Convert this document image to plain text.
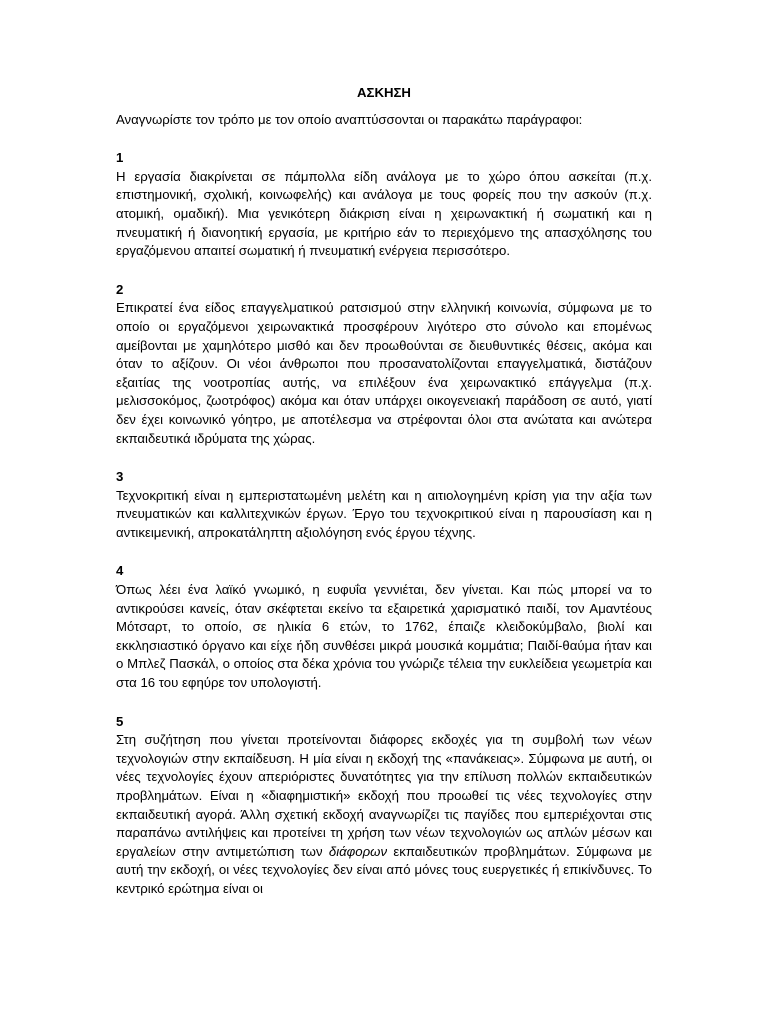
ΑΣΚΗΣΗ
Αναγνωρίστε τον τρόπο με τον οποίο αναπτύσσονται οι παρακάτω παράγραφοι:
1
Η εργασία διακρίνεται σε πάμπολλα είδη ανάλογα με το χώρο όπου ασκείται (π.χ. επιστημονική, σχολική, κοινωφελής) και ανάλογα με τους φορείς που την ασκούν (π.χ. ατομική, ομαδική). Μια γενικότερη διάκριση είναι η χειρωνακτική ή σωματική και η πνευματική ή διανοητική εργασία, με κριτήριο εάν το περιεχόμενο της απασχόλησης του εργαζόμενου απαιτεί σωματική ή πνευματική ενέργεια περισσότερο.
2
Επικρατεί ένα είδος επαγγελματικού ρατσισμού στην ελληνική κοινωνία, σύμφωνα με το οποίο οι εργαζόμενοι χειρωνακτικά προσφέρουν λιγότερο στο σύνολο και επομένως αμείβονται με χαμηλότερο μισθό και δεν προωθούνται σε διευθυντικές θέσεις, ακόμα και όταν το αξίζουν. Οι νέοι άνθρωποι που προσανατολίζονται επαγγελματικά, διστάζουν εξαιτίας της νοοτροπίας αυτής, να επιλέξουν ένα χειρωνακτικό επάγγελμα (π.χ. μελισσοκόμος, ζωοτρόφος) ακόμα και όταν υπάρχει οικογενειακή παράδοση σε αυτό, γιατί δεν έχει κοινωνικό γόητρο, με αποτέλεσμα να στρέφονται όλοι στα ανώτατα και ανώτερα εκπαιδευτικά ιδρύματα της χώρας.
3
Τεχνοκριτική είναι η εμπεριστατωμένη μελέτη και η αιτιολογημένη κρίση για την αξία των πνευματικών και καλλιτεχνικών έργων. Έργο του τεχνοκριτικού είναι η παρουσίαση και η αντικειμενική, απροκατάληπτη αξιολόγηση ενός έργου τέχνης.
4
Όπως λέει ένα λαϊκό γνωμικό, η ευφυΐα γεννιέται, δεν γίνεται. Και πώς μπορεί να το αντικρούσει κανείς, όταν σκέφτεται εκείνο τα εξαιρετικά χαρισματικό παιδί, τον Αμαντέους Μότσαρτ, το οποίο, σε ηλικία 6 ετών, το 1762, έπαιζε κλειδοκύμβαλο, βιολί και εκκλησιαστικό όργανο και είχε ήδη συνθέσει μικρά μουσικά κομμάτια; Παιδί-θαύμα ήταν και ο Μπλεζ Πασκάλ, ο οποίος στα δέκα χρόνια του γνώριζε τέλεια την ευκλείδεια γεωμετρία και στα 16 του εφηύρε τον υπολογιστή.
5
Στη συζήτηση που γίνεται προτείνονται διάφορες εκδοχές για τη συμβολή των νέων τεχνολογιών στην εκπαίδευση. Η μία είναι η εκδοχή της «πανάκειας». Σύμφωνα με αυτή, οι νέες τεχνολογίες έχουν απεριόριστες δυνατότητες για την επίλυση πολλών εκπαιδευτικών προβλημάτων. Είναι η «διαφημιστική» εκδοχή που προωθεί τις νέες τεχνολογίες στην εκπαιδευτική αγορά. Άλλη σχετική εκδοχή αναγνωρίζει τις παγίδες που εμπεριέχονται στις παραπάνω αντιλήψεις και προτείνει τη χρήση των νέων τεχνολογιών ως απλών μέσων και εργαλείων στην αντιμετώπιση των διάφορων εκπαιδευτικών προβλημάτων. Σύμφωνα με αυτή την εκδοχή, οι νέες τεχνολογίες δεν είναι από μόνες τους ευεργετικές ή επικίνδυνες. Το κεντρικό ερώτημα είναι οι
